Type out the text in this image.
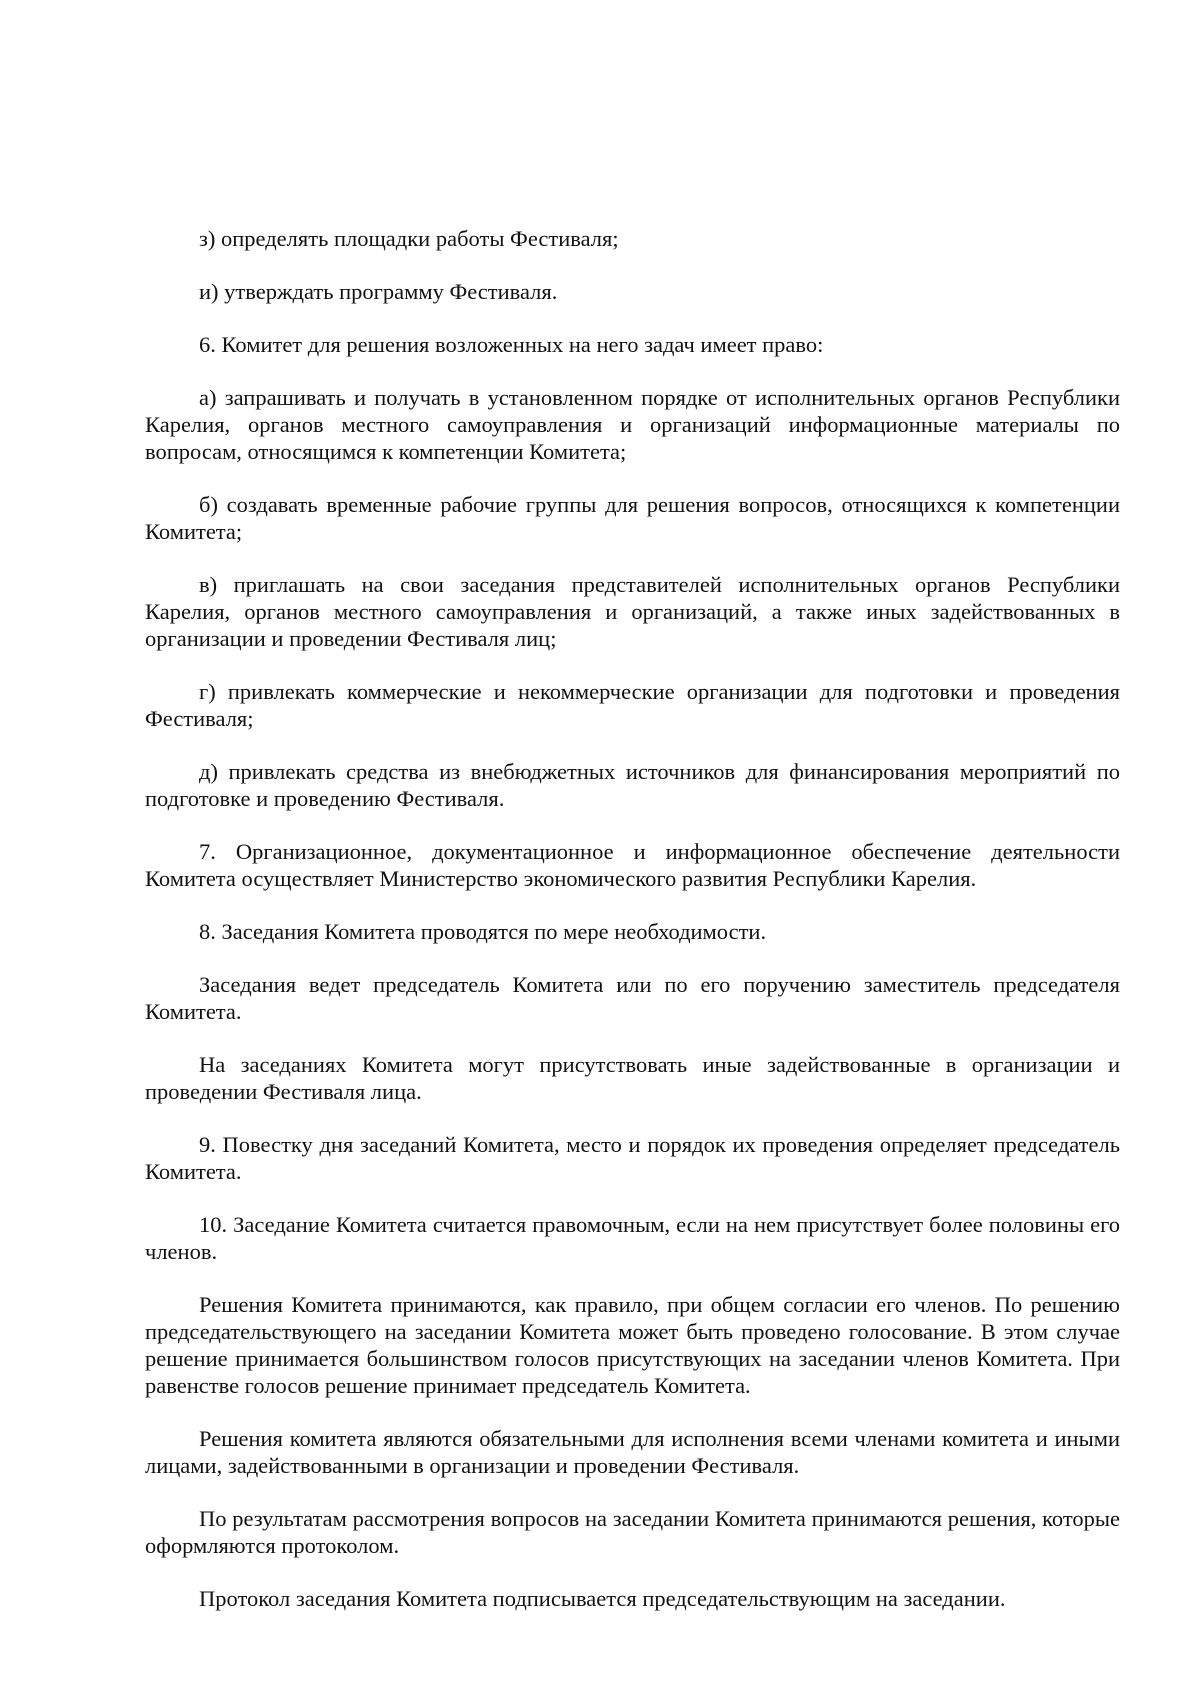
з) определять площадки работы Фестиваля;

и) утверждать программу Фестиваля.

6. Комитет для решения возложенных на него задач имеет право:

а) запрашивать и получать в установленном порядке от исполнительных органов Республики Карелия, органов местного самоуправления и организаций информационные материалы по вопросам, относящимся к компетенции Комитета;

б) создавать временные рабочие группы для решения вопросов, относящихся к компетенции Комитета;

в) приглашать на свои заседания представителей исполнительных органов Республики Карелия, органов местного самоуправления и организаций, а также иных задействованных в организации и проведении Фестиваля лиц;

г) привлекать коммерческие и некоммерческие организации для подготовки и проведения Фестиваля;

д) привлекать средства из внебюджетных источников для финансирования мероприятий по подготовке и проведению Фестиваля.

7. Организационное, документационное и информационное обеспечение деятельности Комитета осуществляет Министерство экономического развития Республики Карелия.

8. Заседания Комитета проводятся по мере необходимости.

Заседания ведет председатель Комитета или по его поручению заместитель председателя Комитета.

На заседаниях Комитета могут присутствовать иные задействованные в организации и проведении Фестиваля лица.

9. Повестку дня заседаний Комитета, место и порядок их проведения определяет председатель Комитета.

10. Заседание Комитета считается правомочным, если на нем присутствует более половины его членов.

Решения Комитета принимаются, как правило, при общем согласии его членов. По решению председательствующего на заседании Комитета может быть проведено голосование. В этом случае решение принимается большинством голосов присутствующих на заседании членов Комитета. При равенстве голосов решение принимает председатель Комитета.

Решения комитета являются обязательными для исполнения всеми членами комитета и иными лицами, задействованными в организации и проведении Фестиваля.

По результатам рассмотрения вопросов на заседании Комитета принимаются решения, которые оформляются протоколом.

Протокол заседания Комитета подписывается председательствующим на заседании.
